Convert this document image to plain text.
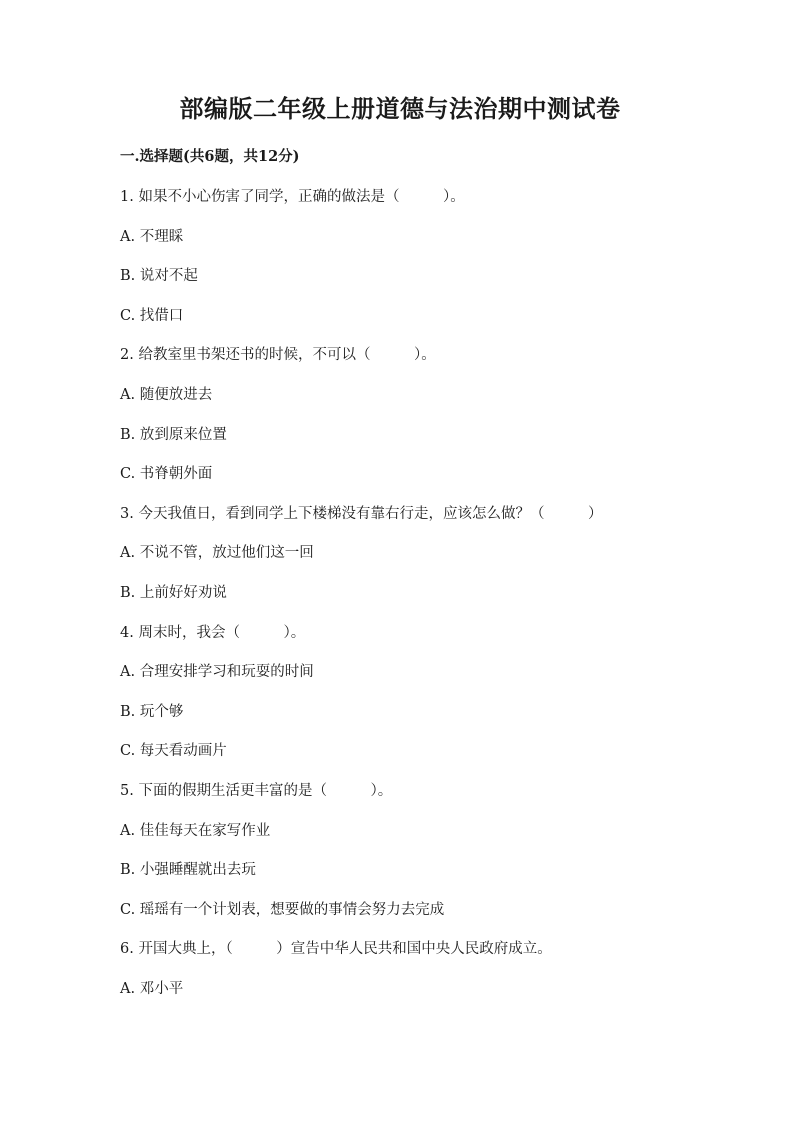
部编版二年级上册道德与法治期中测试卷
一.选择题(共6题，共12分)
1. 如果不小心伤害了同学，正确的做法是（　　　）。
A. 不理睬
B. 说对不起
C. 找借口
2. 给教室里书架还书的时候，不可以（　　　）。
A. 随便放进去
B. 放到原来位置
C. 书脊朝外面
3. 今天我值日，看到同学上下楼梯没有靠右行走，应该怎么做？（　　　）
A. 不说不管，放过他们这一回
B. 上前好好劝说
4. 周末时，我会（　　　）。
A. 合理安排学习和玩耍的时间
B. 玩个够
C. 每天看动画片
5. 下面的假期生活更丰富的是（　　　）。
A. 佳佳每天在家写作业
B. 小强睡醒就出去玩
C. 瑶瑶有一个计划表，想要做的事情会努力去完成
6. 开国大典上，（　　　）宣告中华人民共和国中央人民政府成立。
A. 邓小平
